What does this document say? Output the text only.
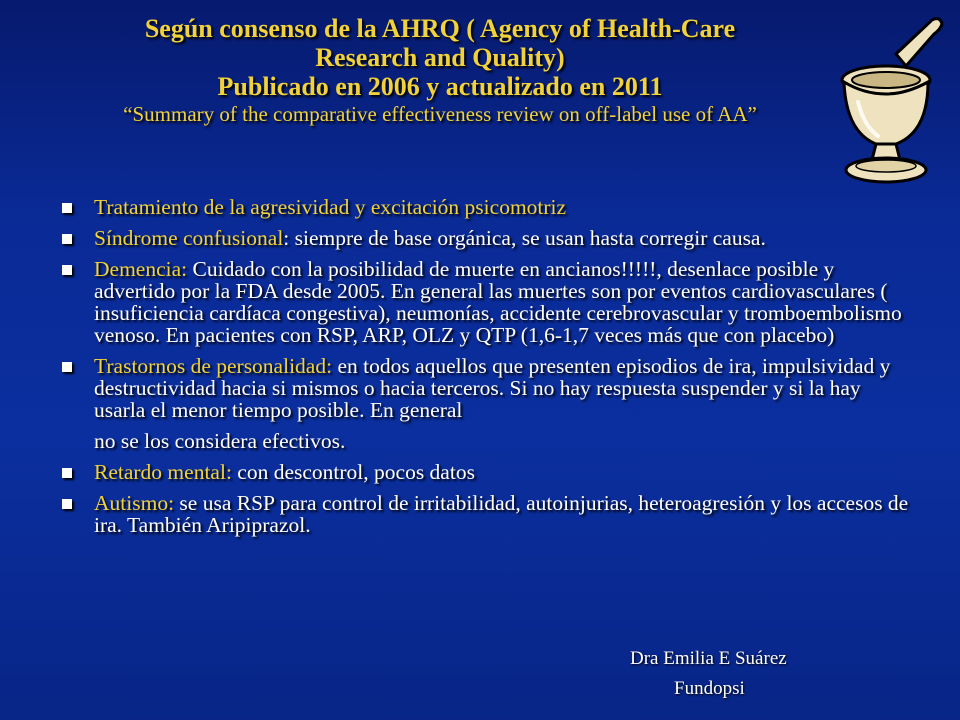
Según consenso de la AHRQ ( Agency of Health-Care
Research and Quality)
Publicado en 2006 y actualizado en 2011
“Summary of the comparative effectiveness review on off-label use of AA”
Tratamiento de la agresividad y excitación psicomotriz
Síndrome confusional: siempre de base orgánica, se usan hasta corregir causa.
Demencia: Cuidado con la posibilidad de muerte en ancianos!!!!!, desenlace posible y advertido por la FDA desde 2005. En general las muertes son por eventos cardiovasculares ( insuficiencia cardíaca congestiva), neumonías, accidente cerebrovascular y tromboembolismo venoso. En pacientes con RSP, ARP, OLZ y QTP (1,6-1,7 veces más que con placebo)
Trastornos de personalidad: en todos aquellos que presenten episodios de ira, impulsividad y destructividad hacia si mismos o hacia terceros. Si no hay respuesta suspender y si la hay usarla el menor tiempo posible. En general
no se los considera efectivos.
Retardo mental: con descontrol, pocos datos
Autismo: se usa RSP para control de irritabilidad, autoinjurias, heteroagresión y los accesos de ira. También Aripiprazol.
Dra Emilia E Suárez
Fundopsi
